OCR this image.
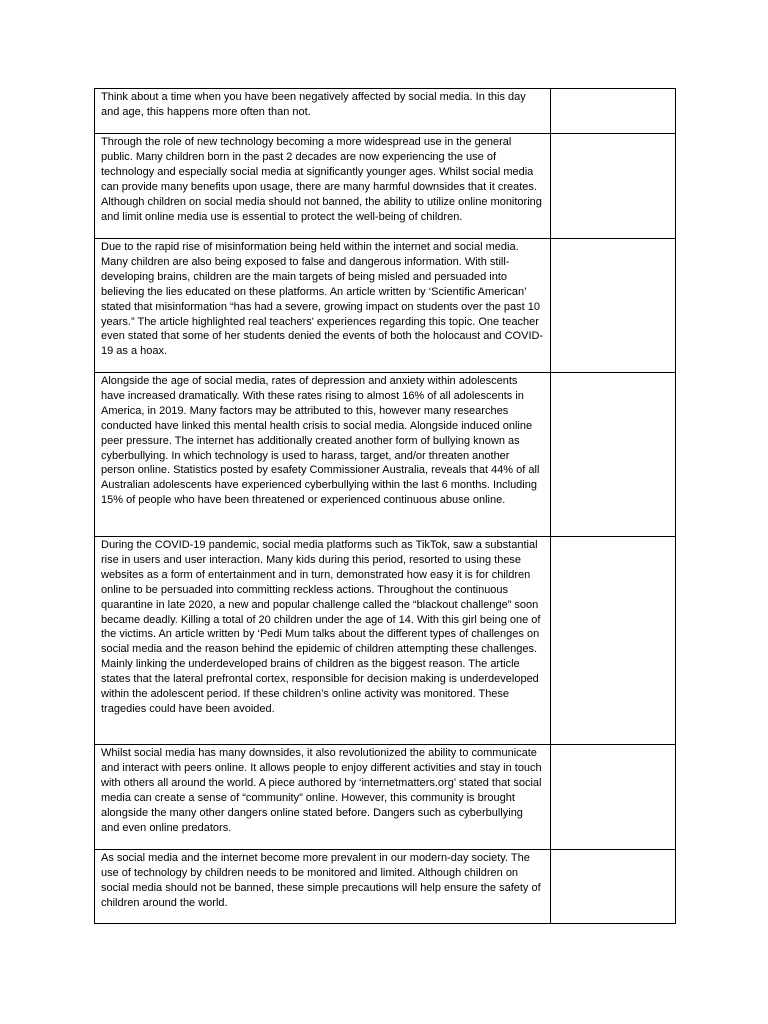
Think about a time when you have been negatively affected by social media. In this day and age, this happens more often than not.	

Through the role of new technology becoming a more widespread use in the general public. Many children born in the past 2 decades are now experiencing the use of technology and especially social media at significantly younger ages. Whilst social media can provide many benefits upon usage, there are many harmful downsides that it creates. Although children on social media should not banned, the ability to utilize online monitoring and limit online media use is essential to protect the well-being of children.	

Due to the rapid rise of misinformation being held within the internet and social media. Many children are also being exposed to false and dangerous information. With still-developing brains, children are the main targets of being misled and persuaded into believing the lies educated on these platforms. An article written by ‘Scientific American’ stated that misinformation “has had a severe, growing impact on students over the past 10 years.” The article highlighted real teachers' experiences regarding this topic. One teacher even stated that some of her students denied the events of both the holocaust and COVID-19 as a hoax.	

Alongside the age of social media, rates of depression and anxiety within adolescents have increased dramatically. With these rates rising to almost 16% of all adolescents in America, in 2019. Many factors may be attributed to this, however many researches conducted have linked this mental health crisis to social media. Alongside induced online peer pressure. The internet has additionally created another form of bullying known as cyberbullying. In which technology is used to harass, target, and/or threaten another person online. Statistics posted by esafety Commissioner Australia, reveals that 44% of all Australian adolescents have experienced cyberbullying within the last 6 months. Including 15% of people who have been threatened or experienced continuous abuse online.	

During the COVID-19 pandemic, social media platforms such as TikTok, saw a substantial rise in users and user interaction. Many kids during this period, resorted to using these websites as a form of entertainment and in turn, demonstrated how easy it is for children online to be persuaded into committing reckless actions. Throughout the continuous quarantine in late 2020, a new and popular challenge called the “blackout challenge” soon became deadly. Killing a total of 20 children under the age of 14. With this girl being one of the victims. An article written by ‘Pedi Mum talks about the different types of challenges on social media and the reason behind the epidemic of children attempting these challenges. Mainly linking the underdeveloped brains of children as the biggest reason. The article states that the lateral prefrontal cortex, responsible for decision making is underdeveloped within the adolescent period. If these children’s online activity was monitored. These tragedies could have been avoided.	

Whilst social media has many downsides, it also revolutionized the ability to communicate and interact with peers online. It allows people to enjoy different activities and stay in touch with others all around the world. A piece authored by ‘internetmatters.org’ stated that social media can create a sense of “community” online. However, this community is brought alongside the many other dangers online stated before. Dangers such as cyberbullying and even online predators.	

As social media and the internet become more prevalent in our modern-day society. The use of technology by children needs to be monitored and limited. Although children on social media should not be banned, these simple precautions will help ensure the safety of children around the world.	
